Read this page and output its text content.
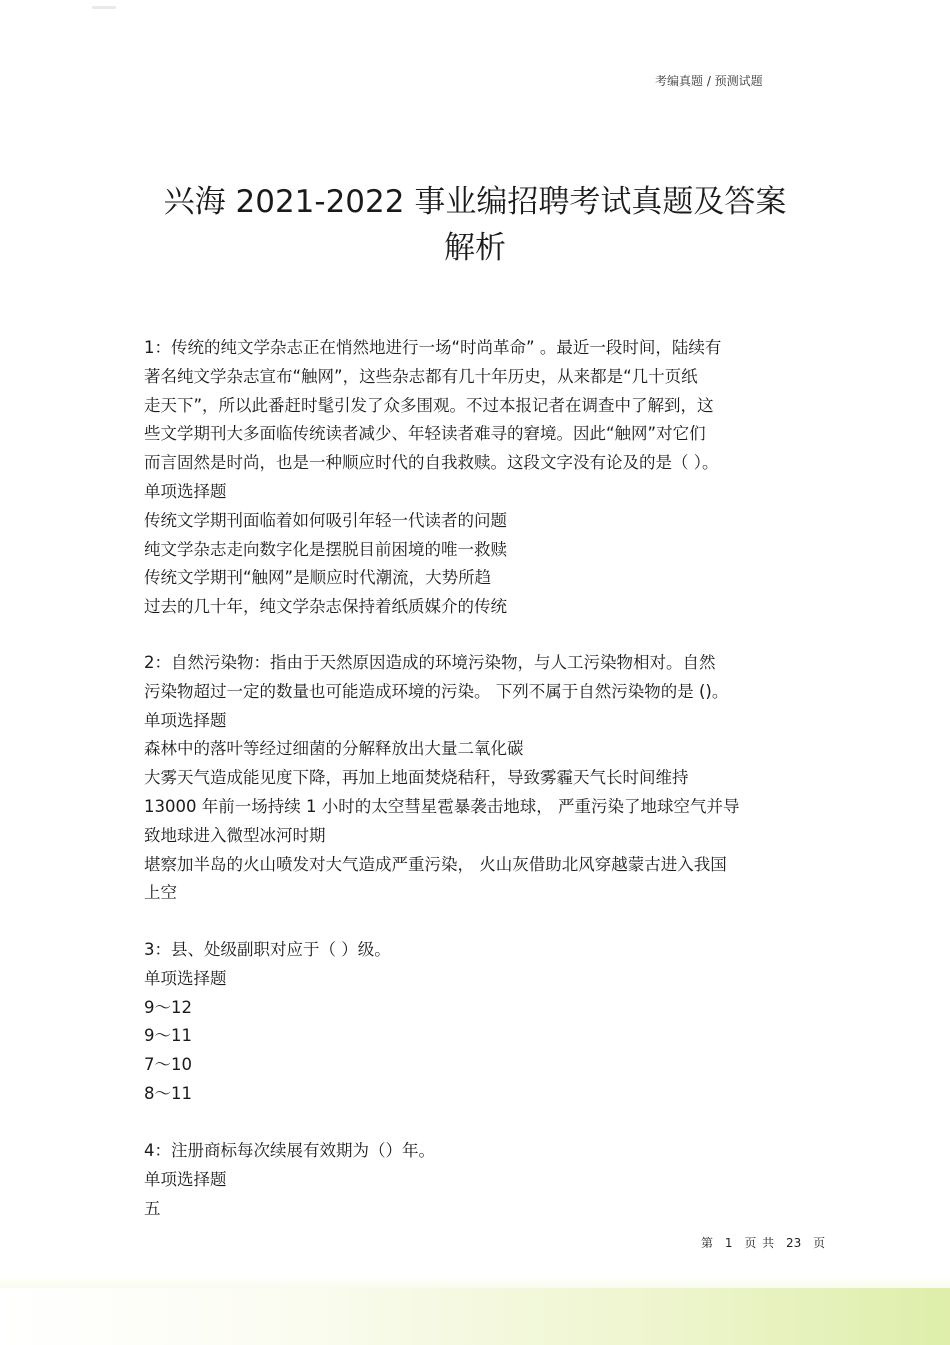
考编真题 / 预测试题
兴海 2021-2022 事业编招聘考试真题及答案
解析

1：传统的纯文学杂志正在悄然地进行一场“时尚革命” 。最近一段时间，陆续有

著名纯文学杂志宣布“触网”，这些杂志都有几十年历史，从来都是“几十页纸

走天下”，所以此番赶时髦引发了众多围观。不过本报记者在调查中了解到，这

些文学期刊大多面临传统读者减少、年轻读者难寻的窘境。因此“触网”对它们

而言固然是时尚，也是一种顺应时代的自我救赎。这段文字没有论及的是（ ）。

单项选择题

传统文学期刊面临着如何吸引年轻一代读者的问题

纯文学杂志走向数字化是摆脱目前困境的唯一救赎

传统文学期刊“触网”是顺应时代潮流，大势所趋

过去的几十年，纯文学杂志保持着纸质媒介的传统

2：自然污染物：指由于天然原因造成的环境污染物，与人工污染物相对。自然

污染物超过一定的数量也可能造成环境的污染。 下列不属于自然污染物的是 ()。

单项选择题

森林中的落叶等经过细菌的分解释放出大量二氧化碳

大雾天气造成能见度下降，再加上地面焚烧秸秆，导致雾霾天气长时间维持

13000 年前一场持续 1 小时的太空彗星雹暴袭击地球， 严重污染了地球空气并导

致地球进入微型冰河时期

堪察加半岛的火山喷发对大气造成严重污染， 火山灰借助北风穿越蒙古进入我国

上空

3：县、处级副职对应于（ ）级。

单项选择题

9～12

9～11

7～10

8～11

4：注册商标每次续展有效期为（）年。

单项选择题

五

第 1 页 共 23 页
